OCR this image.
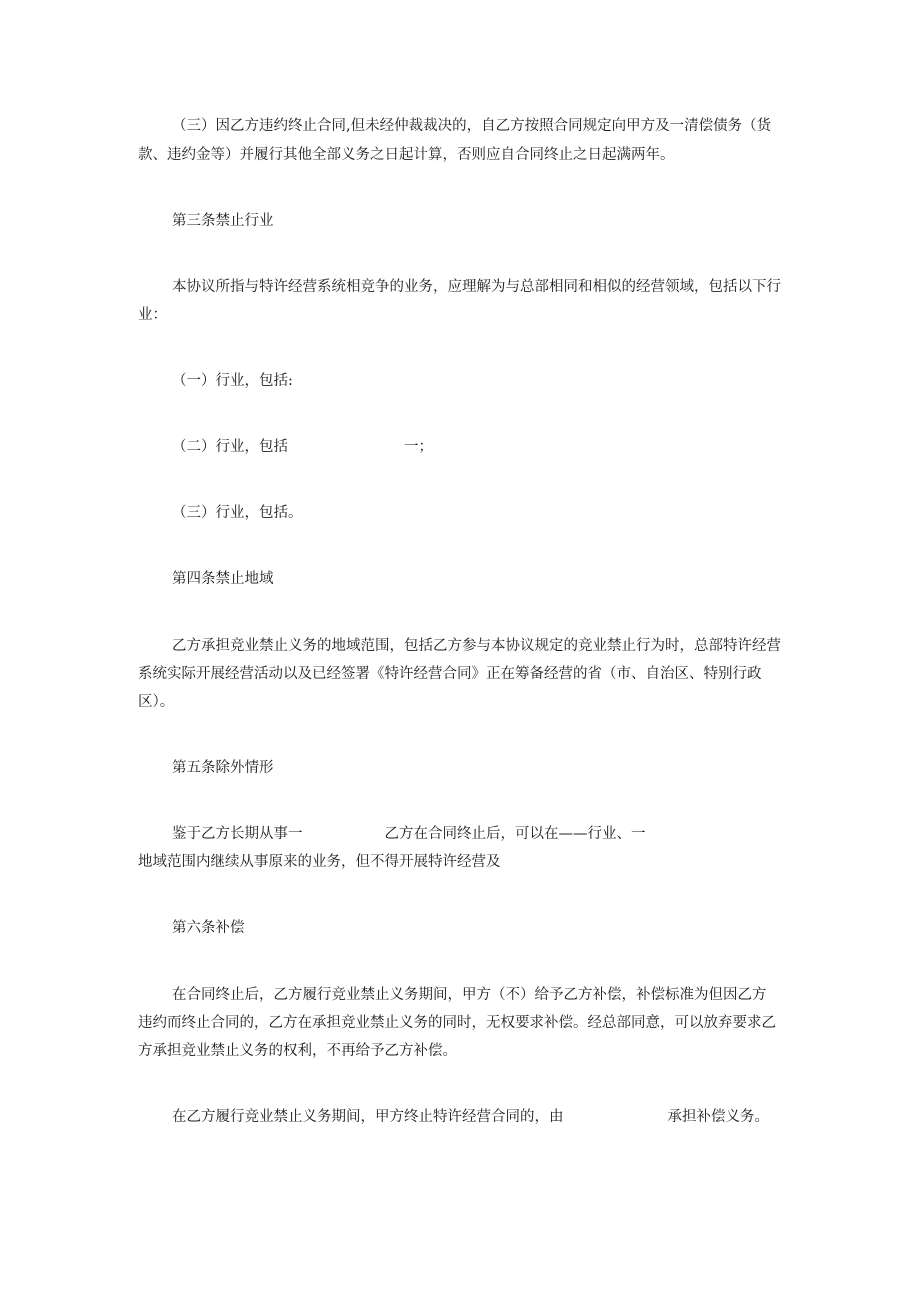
（三）因乙方违约终止合同,但未经仲裁裁决的，自乙方按照合同规定向甲方及一清偿债务（货
款、违约金等）并履行其他全部义务之日起计算，否则应自合同终止之日起满两年。
第三条禁止行业
本协议所指与特许经营系统相竞争的业务，应理解为与总部相同和相似的经营领域，包括以下行
业：
（一）行业，包括:
（二）行业，包括	一；
（三）行业，包括。
第四条禁止地域
乙方承担竞业禁止义务的地域范围，包括乙方参与本协议规定的竞业禁止行为时，总部特许经营
系统实际开展经营活动以及已经签署《特许经营合同》正在筹备经营的省（市、自治区、特别行政
区）。
第五条除外情形
鉴于乙方长期从事一	乙方在合同终止后，可以在——行业、一
地域范围内继续从事原来的业务，但不得开展特许经营及
第六条补偿
在合同终止后，乙方履行竞业禁止义务期间，甲方（不）给予乙方补偿，补偿标准为但因乙方
违约而终止合同的，乙方在承担竞业禁止义务的同时，无权要求补偿。经总部同意，可以放弃要求乙
方承担竞业禁止义务的权利，不再给予乙方补偿。
在乙方履行竞业禁止义务期间，甲方终止特许经营合同的，由	承担补偿义务。
